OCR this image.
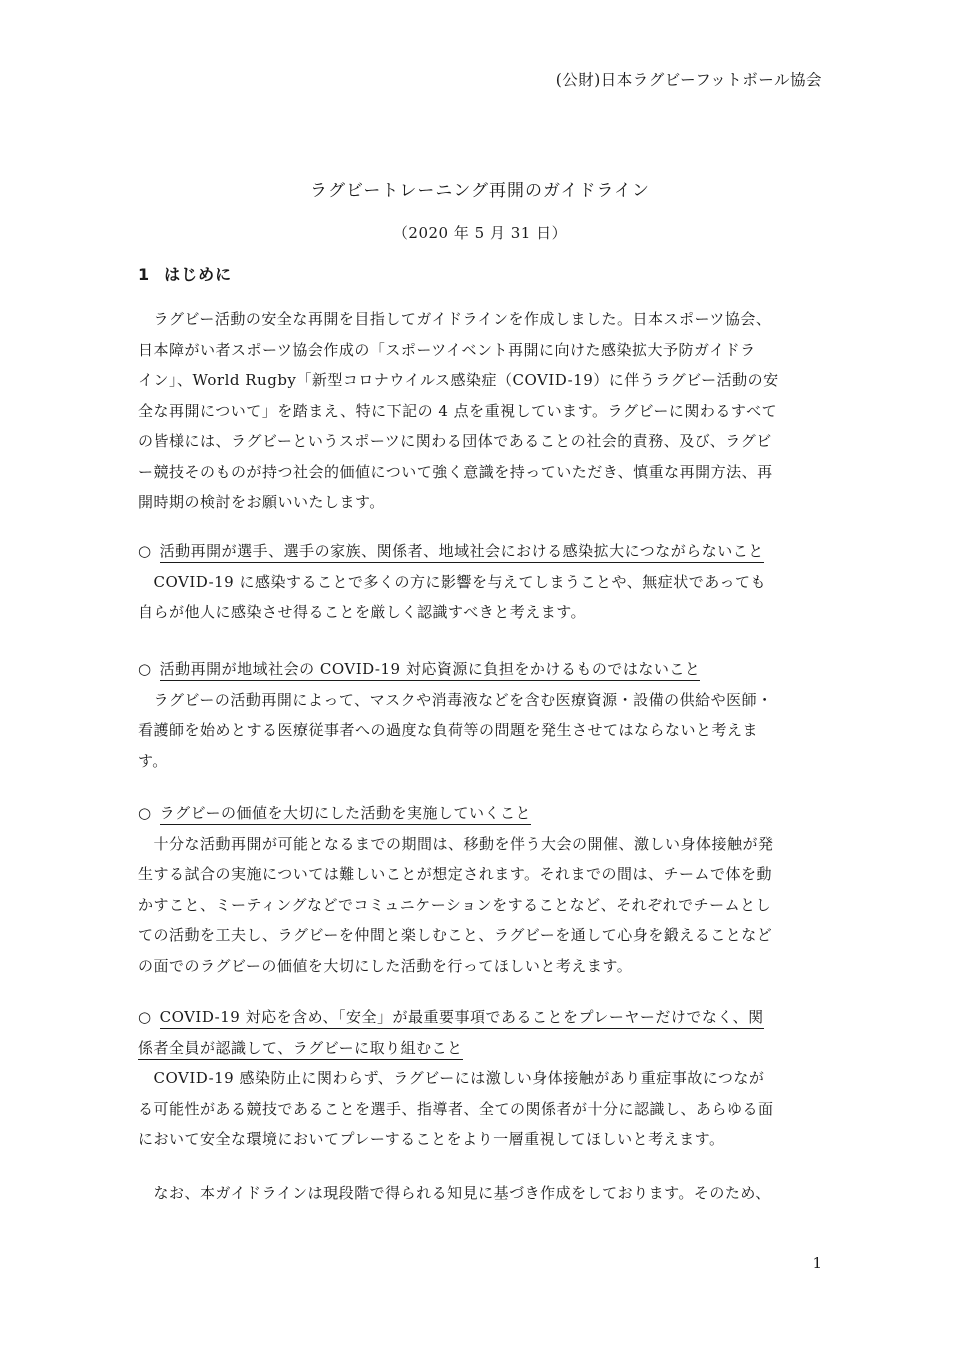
(公財)日本ラグビーフットボール協会
ラグビートレーニング再開のガイドライン
（2020 年 5 月 31 日）
1 はじめに
　ラグビー活動の安全な再開を目指してガイドラインを作成しました。日本スポーツ協会、
日本障がい者スポーツ協会作成の「スポーツイベント再開に向けた感染拡大予防ガイドラ
イン」、World Rugby「新型コロナウイルス感染症（COVID-19）に伴うラグビー活動の安
全な再開について」を踏まえ、特に下記の 4 点を重視しています。ラグビーに関わるすべて
の皆様には、ラグビーというスポーツに関わる団体であることの社会的責務、及び、ラグビ
ー競技そのものが持つ社会的価値について強く意識を持っていただき、慎重な再開方法、再
開時期の検討をお願いいたします。
○ 活動再開が選手、選手の家族、関係者、地域社会における感染拡大につながらないこと
　COVID-19 に感染することで多くの方に影響を与えてしまうことや、無症状であっても
自らが他人に感染させ得ることを厳しく認識すべきと考えます。
○ 活動再開が地域社会の COVID-19 対応資源に負担をかけるものではないこと
　ラグビーの活動再開によって、マスクや消毒液などを含む医療資源・設備の供給や医師・
看護師を始めとする医療従事者への過度な負荷等の問題を発生させてはならないと考えま
す。
○ ラグビーの価値を大切にした活動を実施していくこと
　十分な活動再開が可能となるまでの期間は、移動を伴う大会の開催、激しい身体接触が発
生する試合の実施については難しいことが想定されます。それまでの間は、チームで体を動
かすこと、ミーティングなどでコミュニケーションをすることなど、それぞれでチームとし
ての活動を工夫し、ラグビーを仲間と楽しむこと、ラグビーを通して心身を鍛えることなど
の面でのラグビーの価値を大切にした活動を行ってほしいと考えます。
○ COVID-19 対応を含め、「安全」が最重要事項であることをプレーヤーだけでなく、関
係者全員が認識して、ラグビーに取り組むこと
　COVID-19 感染防止に関わらず、ラグビーには激しい身体接触があり重症事故につなが
る可能性がある競技であることを選手、指導者、全ての関係者が十分に認識し、あらゆる面
において安全な環境においてプレーすることをより一層重視してほしいと考えます。
　なお、本ガイドラインは現段階で得られる知見に基づき作成をしております。そのため、
1
